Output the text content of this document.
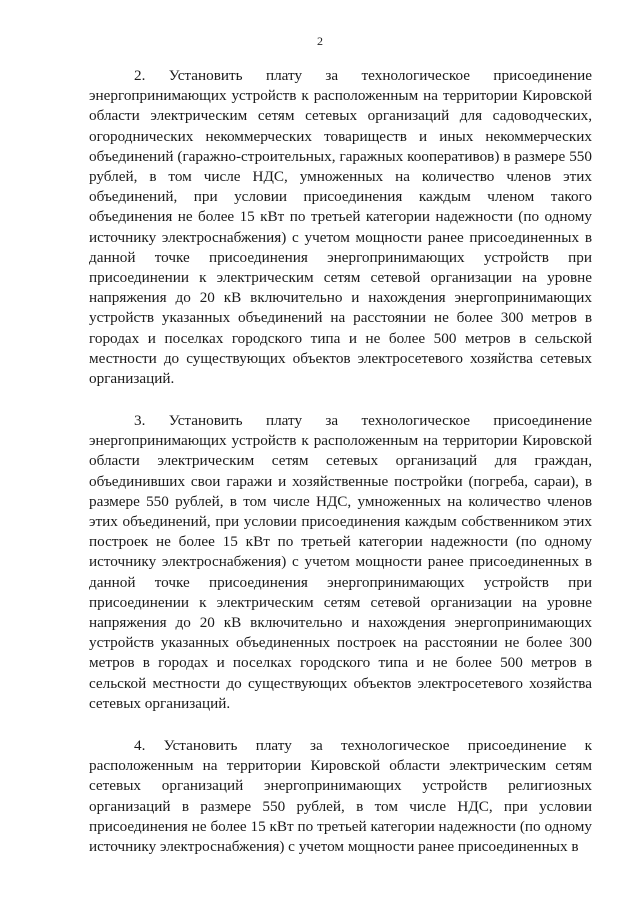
2
2. Установить плату за технологическое присоединение энергопринимающих устройств к расположенным на территории Кировской области электрическим сетям сетевых организаций для садоводческих, огороднических некоммерческих товариществ и иных некоммерческих объединений (гаражно-строительных, гаражных кооперативов) в размере 550 рублей, в том числе НДС, умноженных на количество членов этих объединений, при условии присоединения каждым членом такого объединения не более 15 кВт по третьей категории надежности (по одному источнику электроснабжения) с учетом мощности ранее присоединенных в данной точке присоединения энергопринимающих устройств при присоединении к электрическим сетям сетевой организации на уровне напряжения до 20 кВ включительно и нахождения энергопринимающих устройств указанных объединений на расстоянии не более 300 метров в городах и поселках городского типа и не более 500 метров в сельской местности до существующих объектов электросетевого хозяйства сетевых организаций.
3. Установить плату за технологическое присоединение энергопринимающих устройств к расположенным на территории Кировской области электрическим сетям сетевых организаций для граждан, объединивших свои гаражи и хозяйственные постройки (погреба, сараи), в размере 550 рублей, в том числе НДС, умноженных на количество членов этих объединений, при условии присоединения каждым собственником этих построек не более 15 кВт по третьей категории надежности (по одному источнику электроснабжения) с учетом мощности ранее присоединенных в данной точке присоединения энергопринимающих устройств при присоединении к электрическим сетям сетевой организации на уровне напряжения до 20 кВ включительно и нахождения энергопринимающих устройств указанных объединенных построек на расстоянии не более 300 метров в городах и поселках городского типа и не более 500 метров в сельской местности до существующих объектов электросетевого хозяйства сетевых организаций.
4. Установить плату за технологическое присоединение к расположенным на территории Кировской области электрическим сетям сетевых организаций энергопринимающих устройств религиозных организаций в размере 550 рублей, в том числе НДС, при условии присоединения не более 15 кВт по третьей категории надежности (по одному источнику электроснабжения) с учетом мощности ранее присоединенных в
